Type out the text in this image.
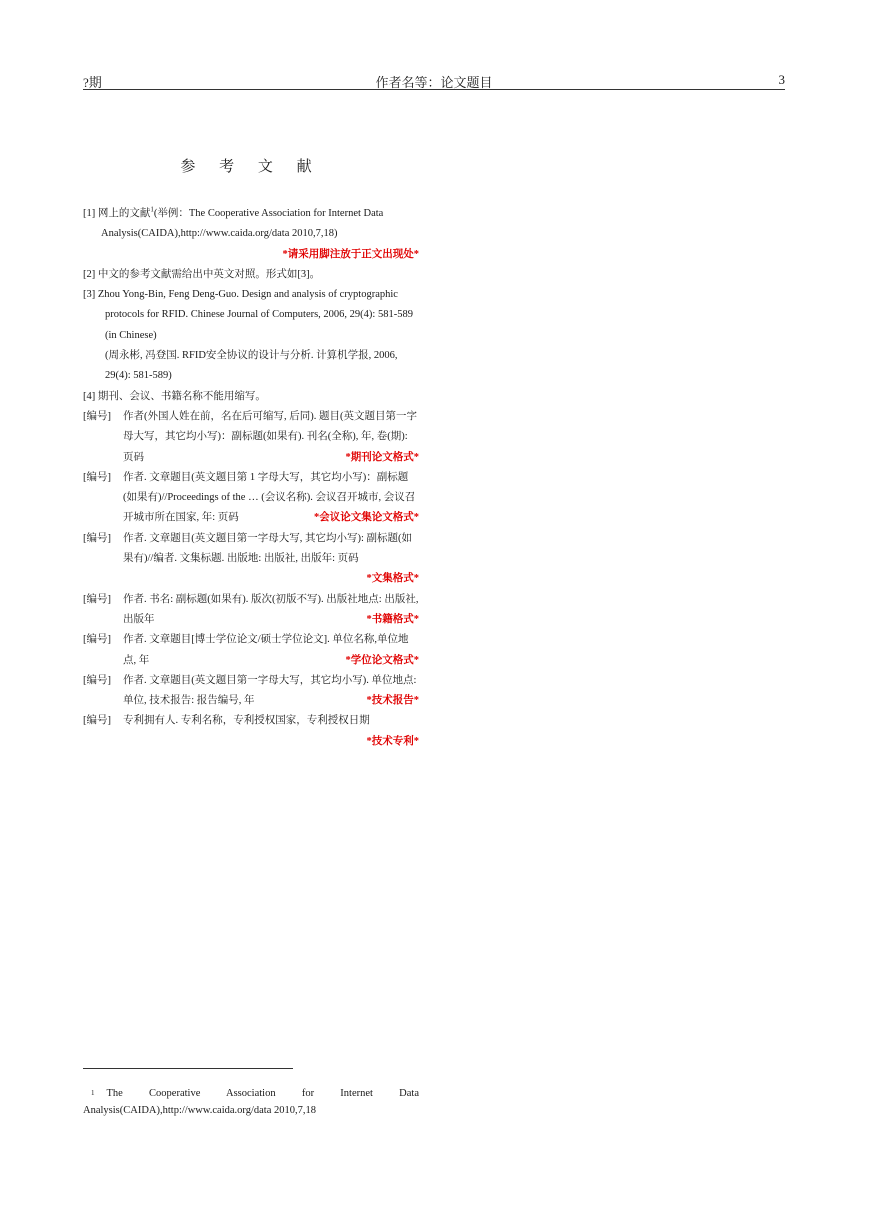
?期	作者名等：论文题目	3
参 考 文 献
[1] 网上的文献$^1$(举例：The Cooperative Association for Internet Data Analysis(CAIDA),http://www.caida.org/data 2010,7,18)
*请采用脚注放于正文出现处*
[2] 中文的参考文献需给出中英文对照。形式如[3]。
[3] Zhou Yong-Bin, Feng Deng-Guo. Design and analysis of cryptographic protocols for RFID. Chinese Journal of Computers, 2006, 29(4): 581-589 (in Chinese)
(周永彬, 冯登国. RFID安全协议的设计与分析. 计算机学报, 2006, 29(4): 581-589)
[4] 期刊、会议、书籍名称不能用缩写。
[编号]	作者(外国人姓在前，名在后可缩写, 后同). 题目(英文题目第一字母大写，其它均小写)：副标题(如果有). 刊名(全称), 年, 卷(期): 页码	*期刊论文格式*
[编号]	作者. 文章题目(英文题目第 1 字母大写，其它均小写)：副标题(如果有)//Proceedings of the … (会议名称). 会议召开城市, 会议召开城市所在国家, 年: 页码	*会议论文集论文格式*
[编号]	作者. 文章题目(英文题目第一字母大写, 其它均小写): 副标题(如果有)//编者. 文集标题. 出版地: 出版社, 出版年: 页码
*文集格式*
[编号]	作者. 书名: 副标题(如果有). 版次(初版不写). 出版社地点: 出版社, 出版年	*书籍格式*
[编号]	作者. 文章题目[博士学位论文/硕士学位论文]. 单位名称,单位地点, 年	*学位论文格式*
[编号]	作者. 文章题目(英文题目第一字母大写，其它均小写). 单位地点: 单位, 技术报告: 报告编号, 年	*技术报告*
[编号]	专利拥有人. 专利名称，专利授权国家，专利授权日期
*技术专利*
1 The Cooperative Association for Internet Data Analysis(CAIDA),http://www.caida.org/data 2010,7,18
